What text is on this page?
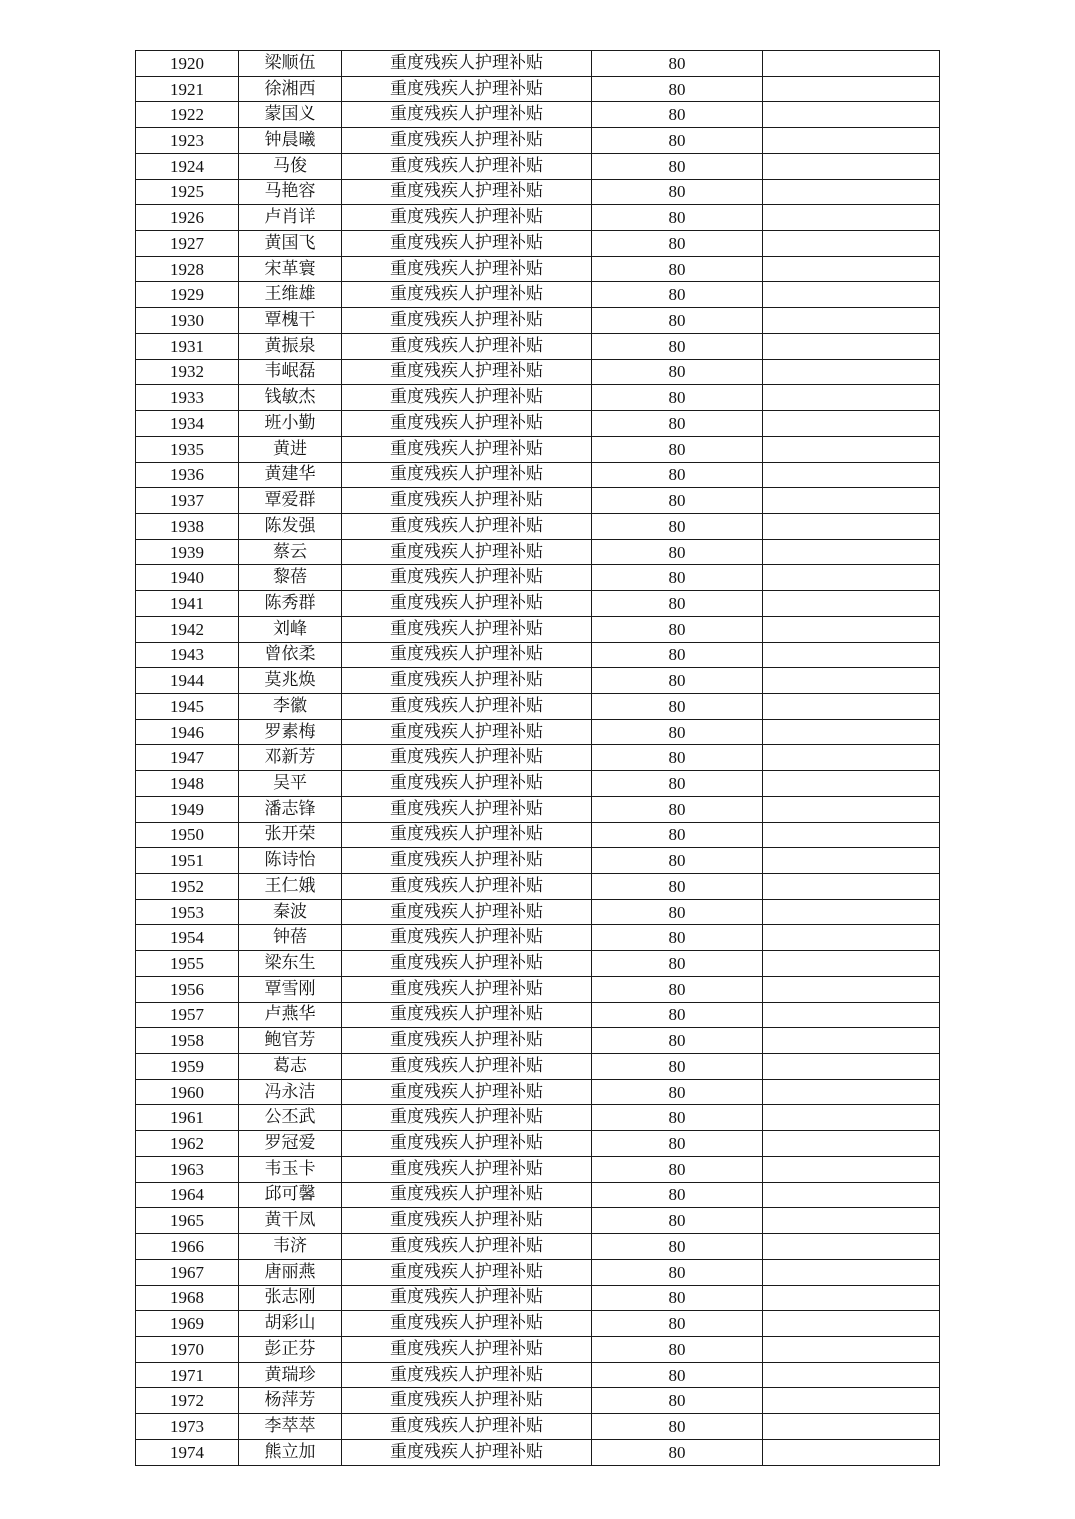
1920	梁顺伍	重度残疾人护理补贴	80	
1921	徐湘西	重度残疾人护理补贴	80	
1922	蒙国义	重度残疾人护理补贴	80	
1923	钟晨曦	重度残疾人护理补贴	80	
1924	马俊	重度残疾人护理补贴	80	
1925	马艳容	重度残疾人护理补贴	80	
1926	卢肖详	重度残疾人护理补贴	80	
1927	黄国飞	重度残疾人护理补贴	80	
1928	宋革寰	重度残疾人护理补贴	80	
1929	王维雄	重度残疾人护理补贴	80	
1930	覃槐干	重度残疾人护理补贴	80	
1931	黄振泉	重度残疾人护理补贴	80	
1932	韦岷磊	重度残疾人护理补贴	80	
1933	钱敏杰	重度残疾人护理补贴	80	
1934	班小勤	重度残疾人护理补贴	80	
1935	黄进	重度残疾人护理补贴	80	
1936	黄建华	重度残疾人护理补贴	80	
1937	覃爱群	重度残疾人护理补贴	80	
1938	陈发强	重度残疾人护理补贴	80	
1939	蔡云	重度残疾人护理补贴	80	
1940	黎蓓	重度残疾人护理补贴	80	
1941	陈秀群	重度残疾人护理补贴	80	
1942	刘峰	重度残疾人护理补贴	80	
1943	曾依柔	重度残疾人护理补贴	80	
1944	莫兆焕	重度残疾人护理补贴	80	
1945	李徽	重度残疾人护理补贴	80	
1946	罗素梅	重度残疾人护理补贴	80	
1947	邓新芳	重度残疾人护理补贴	80	
1948	吴平	重度残疾人护理补贴	80	
1949	潘志锋	重度残疾人护理补贴	80	
1950	张开荣	重度残疾人护理补贴	80	
1951	陈诗怡	重度残疾人护理补贴	80	
1952	王仁娥	重度残疾人护理补贴	80	
1953	秦波	重度残疾人护理补贴	80	
1954	钟蓓	重度残疾人护理补贴	80	
1955	梁东生	重度残疾人护理补贴	80	
1956	覃雪刚	重度残疾人护理补贴	80	
1957	卢燕华	重度残疾人护理补贴	80	
1958	鲍官芳	重度残疾人护理补贴	80	
1959	葛志	重度残疾人护理补贴	80	
1960	冯永洁	重度残疾人护理补贴	80	
1961	公丕武	重度残疾人护理补贴	80	
1962	罗冠爱	重度残疾人护理补贴	80	
1963	韦玉卡	重度残疾人护理补贴	80	
1964	邱可馨	重度残疾人护理补贴	80	
1965	黄干凤	重度残疾人护理补贴	80	
1966	韦济	重度残疾人护理补贴	80	
1967	唐丽燕	重度残疾人护理补贴	80	
1968	张志刚	重度残疾人护理补贴	80	
1969	胡彩山	重度残疾人护理补贴	80	
1970	彭正芬	重度残疾人护理补贴	80	
1971	黄瑞珍	重度残疾人护理补贴	80	
1972	杨萍芳	重度残疾人护理补贴	80	
1973	李萃萃	重度残疾人护理补贴	80	
1974	熊立加	重度残疾人护理补贴	80	
